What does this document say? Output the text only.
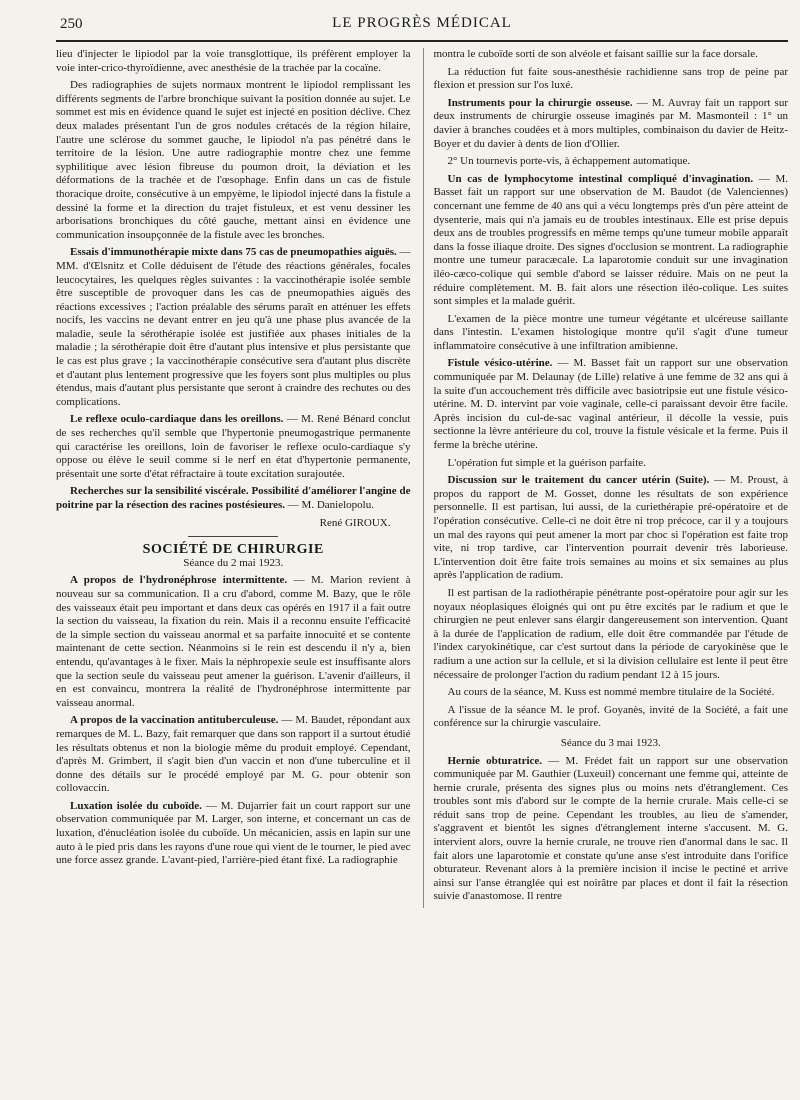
250	LE PROGRÈS MÉDICAL

lieu d'injecter le lipiodol par la voie transglottique, ils préfèrent employer la voie inter-crico-thyroïdienne, avec anesthésie de la trachée par la cocaïne.

Des radiographies de sujets normaux montrent le lipiodol remplissant les différents segments de l'arbre bronchique suivant la position donnée au sujet. Le sommet est mis en évidence quand le sujet est injecté en position déclive. Chez deux malades présentant l'un de gros nodules crétacés de la région hilaire, l'autre une sclérose du sommet gauche, le lipiodol n'a pas pénétré dans le territoire de la lésion. Une autre radiographie montre chez une femme syphilitique avec lésion fibreuse du poumon droit, la déviation et les déformations de la trachée et de l'œsophage. Enfin dans un cas de fistule thoracique droite, consécutive à un empyème, le lipiodol injecté dans la fistule a dessiné la forme et la direction du trajet fistuleux, et est venu dessiner les arborisations bronchiques du côté gauche, mettant ainsi en évidence une communication insoupçonnée de la fistule avec les bronches.

Essais d'immunothérapie mixte dans 75 cas de pneumopathies aiguës. — MM. d'Œlsnitz et Colle déduisent de l'étude des réactions générales, focales leucocytaires, les quelques règles suivantes : la vaccinothérapie isolée semble être susceptible de provoquer dans les cas de pneumopathies aiguës des réactions excessives ; l'action préalable des sérums paraît en atténuer les effets nocifs, les vaccins ne devant entrer en jeu qu'à une phase plus avancée de la maladie, seule la sérothérapie isolée est justifiée aux phases initiales de la maladie ; la sérothérapie doit être d'autant plus intensive et plus persistante que le cas est plus grave ; la vaccinothérapie consécutive sera d'autant plus discrète et d'autant plus lentement progressive que les foyers sont plus multiples ou plus étendus, mais d'autant plus persistante que seront à craindre des rechutes ou des complications.

Le reflexe oculo-cardiaque dans les oreillons. — M. René Bénard conclut de ses recherches qu'il semble que l'hypertonie pneumogastrique permanente qui caractérise les oreillons, loin de favoriser le reflexe oculo-cardiaque s'y oppose ou élève le seuil comme si le nerf en état d'hypertonie permanente, présentait une sorte d'état réfractaire à toute excitation surajoutée.

Recherches sur la sensibilité viscérale. Possibilité d'améliorer l'angine de poitrine par la résection des racines postésieures. — M. Danielopolu.

René GIROUX.
SOCIÉTÉ DE CHIRURGIE
Séance du 2 mai 1923.

A propos de l'hydronéphrose intermittente. — M. Marion revient à nouveau sur sa communication. Il a cru d'abord, comme M. Bazy, que le rôle des vaisseaux était peu important et dans deux cas opérés en 1917 il a fait outre la section du vaisseau, la fixation du rein. Mais il a reconnu ensuite l'efficacité de la simple section du vaisseau anormal et sa parfaite innocuité et se contente maintenant de cette section. Néanmoins si le rein est descendu il n'y a, bien entendu, qu'avantages à le fixer. Mais la néphropexie seule est insuffisante alors que la section seule du vaisseau peut amener la guérison. L'avenir d'ailleurs, il en est convaincu, montrera la réalité de l'hydronéphrose intermittente par vaisseau anormal.

A propos de la vaccination antituberculeuse. — M. Baudet, répondant aux remarques de M. L. Bazy, fait remarquer que dans son rapport il a surtout étudié les résultats obtenus et non la biologie même du produit employé. Cependant, d'après M. Grimbert, il s'agit bien d'un vaccin et non d'une tuberculine et il donne des détails sur le procédé employé par M. G. pour obtenir son collovaccin.

Luxation isolée du cuboïde. — M. Dujarrier fait un court rapport sur une observation communiquée par M. Larger, son interne, et concernant un cas de luxation, d'énucléation isolée du cuboïde. Un mécanicien, assis en lapin sur une auto à le pied pris dans les rayons d'une roue qui vient de le tourner, le pied avec une force assez grande. L'avant-pied, l'arrière-pied étant fixé. La radiographie

montra le cuboïde sorti de son alvéole et faisant saillie sur la face dorsale.

La réduction fut faite sous-anesthésie rachidienne sans trop de peine par flexion et pression sur l'os luxé.

Instruments pour la chirurgie osseuse. — M. Auvray fait un rapport sur deux instruments de chirurgie osseuse imaginés par M. Masmonteil : 1° un davier à branches coudées et à mors multiples, combinaison du davier de Heitz-Boyer et du davier à dents de lion d'Ollier.

2° Un tournevis porte-vis, à échappement automatique.

Un cas de lymphocytome intestinal compliqué d'invagination. — M. Basset fait un rapport sur une observation de M. Baudot (de Valenciennes) concernant une femme de 40 ans qui a vécu longtemps près d'un père atteint de dysenterie, mais qui n'a jamais eu de troubles intestinaux. Elle est prise depuis deux ans de troubles progressifs en même temps qu'une tumeur mobile apparaît dans la fosse iliaque droite. Des signes d'occlusion se montrent. La radiographie montre une tumeur paracæcale. La laparotomie conduit sur une invagination iléo-cæco-colique qui semble d'abord se laisser réduire. Mais on ne peut la réduire complètement. M. B. fait alors une résection iléo-colique. Les suites sont simples et la malade guérit.

L'examen de la pièce montre une tumeur végétante et ulcéreuse saillante dans l'intestin. L'examen histologique montre qu'il s'agit d'une tumeur inflammatoire consécutive à une infiltration amibienne.

Fistule vésico-utérine. — M. Basset fait un rapport sur une observation communiquée par M. Delaunay (de Lille) relative à une femme de 32 ans qui à la suite d'un accouchement très difficile avec basiotripsie eut une fistule vésico-utérine. M. D. intervint par voie vaginale, celle-ci paraissant devoir être facile. Après incision du cul-de-sac vaginal antérieur, il décolle la vessie, puis sectionne la lèvre antérieure du col, trouve la fistule vésicale et la ferme. Puis il ferme la brèche utérine.

L'opération fut simple et la guérison parfaite.

Discussion sur le traitement du cancer utérin (Suite). — M. Proust, à propos du rapport de M. Gosset, donne les résultats de son expérience personnelle. Il est partisan, lui aussi, de la curiethérapie pré-opératoire et de l'opération consécutive. Celle-ci ne doit être ni trop précoce, car il y a toujours un mal des rayons qui peut amener la mort par choc si l'opération est faite trop vite, ni trop tardive, car l'intervention pourrait devenir très laborieuse. L'intervention doit être faite trois semaines au moins et six semaines au plus après l'application de radium.

Il est partisan de la radiothérapie pénétrante post-opératoire pour agir sur les noyaux néoplasiques éloignés qui ont pu être excités par le radium et que le chirurgien ne peut enlever sans élargir dangereusement son intervention. Quant à la durée de l'application de radium, elle doit être commandée par l'étude de l'index caryokinétique, car c'est surtout dans la période de caryokinèse que le radium a une action sur la cellule, et si la division cellulaire est lente il peut être nécessaire de prolonger l'action du radium pendant 12 à 15 jours.

Au cours de la séance, M. Kuss est nommé membre titulaire de la Société.

A l'issue de la séance M. le prof. Goyanès, invité de la Société, a fait une conférence sur la chirurgie vasculaire.

Séance du 3 mai 1923.

Hernie obturatrice. — M. Frédet fait un rapport sur une observation communiquée par M. Gauthier (Luxeuil) concernant une femme qui, atteinte de hernie crurale, présenta des signes plus ou moins nets d'étranglement. Ces troubles sont mis d'abord sur le compte de la hernie crurale. Mais celle-ci se réduit sans trop de peine. Cependant les troubles, au lieu de s'amender, s'aggravent et bientôt les signes d'étranglement interne s'accusent. M. G. intervient alors, ouvre la hernie crurale, ne trouve rien d'anormal dans le sac. Il fait alors une laparotomie et constate qu'une anse s'est introduite dans l'orifice obturateur. Revenant alors à la première incision il incise le pectiné et arrive ainsi sur l'anse étranglée qui est noirâtre par places et dont il fait la résection suivie d'anastomose. Il rentre
